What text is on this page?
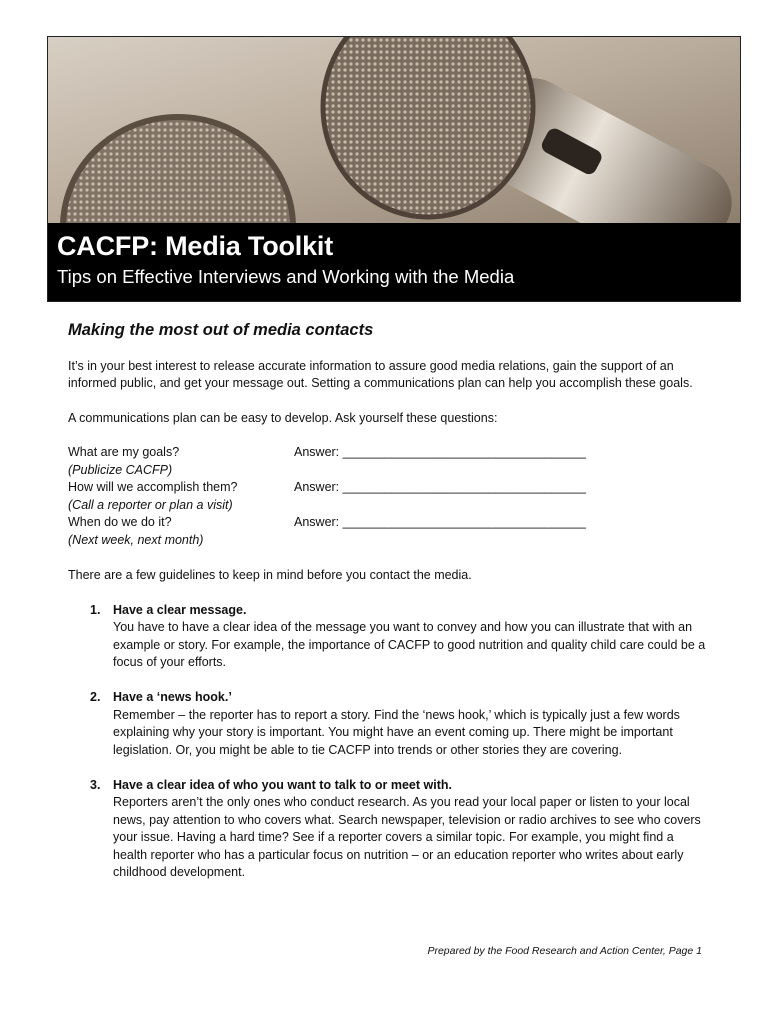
CACFP: Media Toolkit
Tips on Effective Interviews and Working with the Media
Making the most out of media contacts

It’s in your best interest to release accurate information to assure good media relations, gain the support of an informed public, and get your message out. Setting a communications plan can help you accomplish these goals.

A communications plan can be easy to develop. Ask yourself these questions:

What are my goals?	Answer: ___________________________________
(Publicize CACFP)
How will we accomplish them?	Answer: ___________________________________
(Call a reporter or plan a visit)
When do we do it?	Answer: ___________________________________
(Next week, next month)

There are a few guidelines to keep in mind before you contact the media.

1. Have a clear message.
You have to have a clear idea of the message you want to convey and how you can illustrate that with an example or story. For example, the importance of CACFP to good nutrition and quality child care could be a focus of your efforts.
2. Have a ‘news hook.’
Remember – the reporter has to report a story. Find the ‘news hook,’ which is typically just a few words explaining why your story is important. You might have an event coming up. There might be important legislation. Or, you might be able to tie CACFP into trends or other stories they are covering.
3. Have a clear idea of who you want to talk to or meet with.
Reporters aren’t the only ones who conduct research. As you read your local paper or listen to your local news, pay attention to who covers what. Search newspaper, television or radio archives to see who covers your issue. Having a hard time? See if a reporter covers a similar topic. For example, you might find a health reporter who has a particular focus on nutrition – or an education reporter who writes about early childhood development.
Prepared by the Food Research and Action Center, Page 1
